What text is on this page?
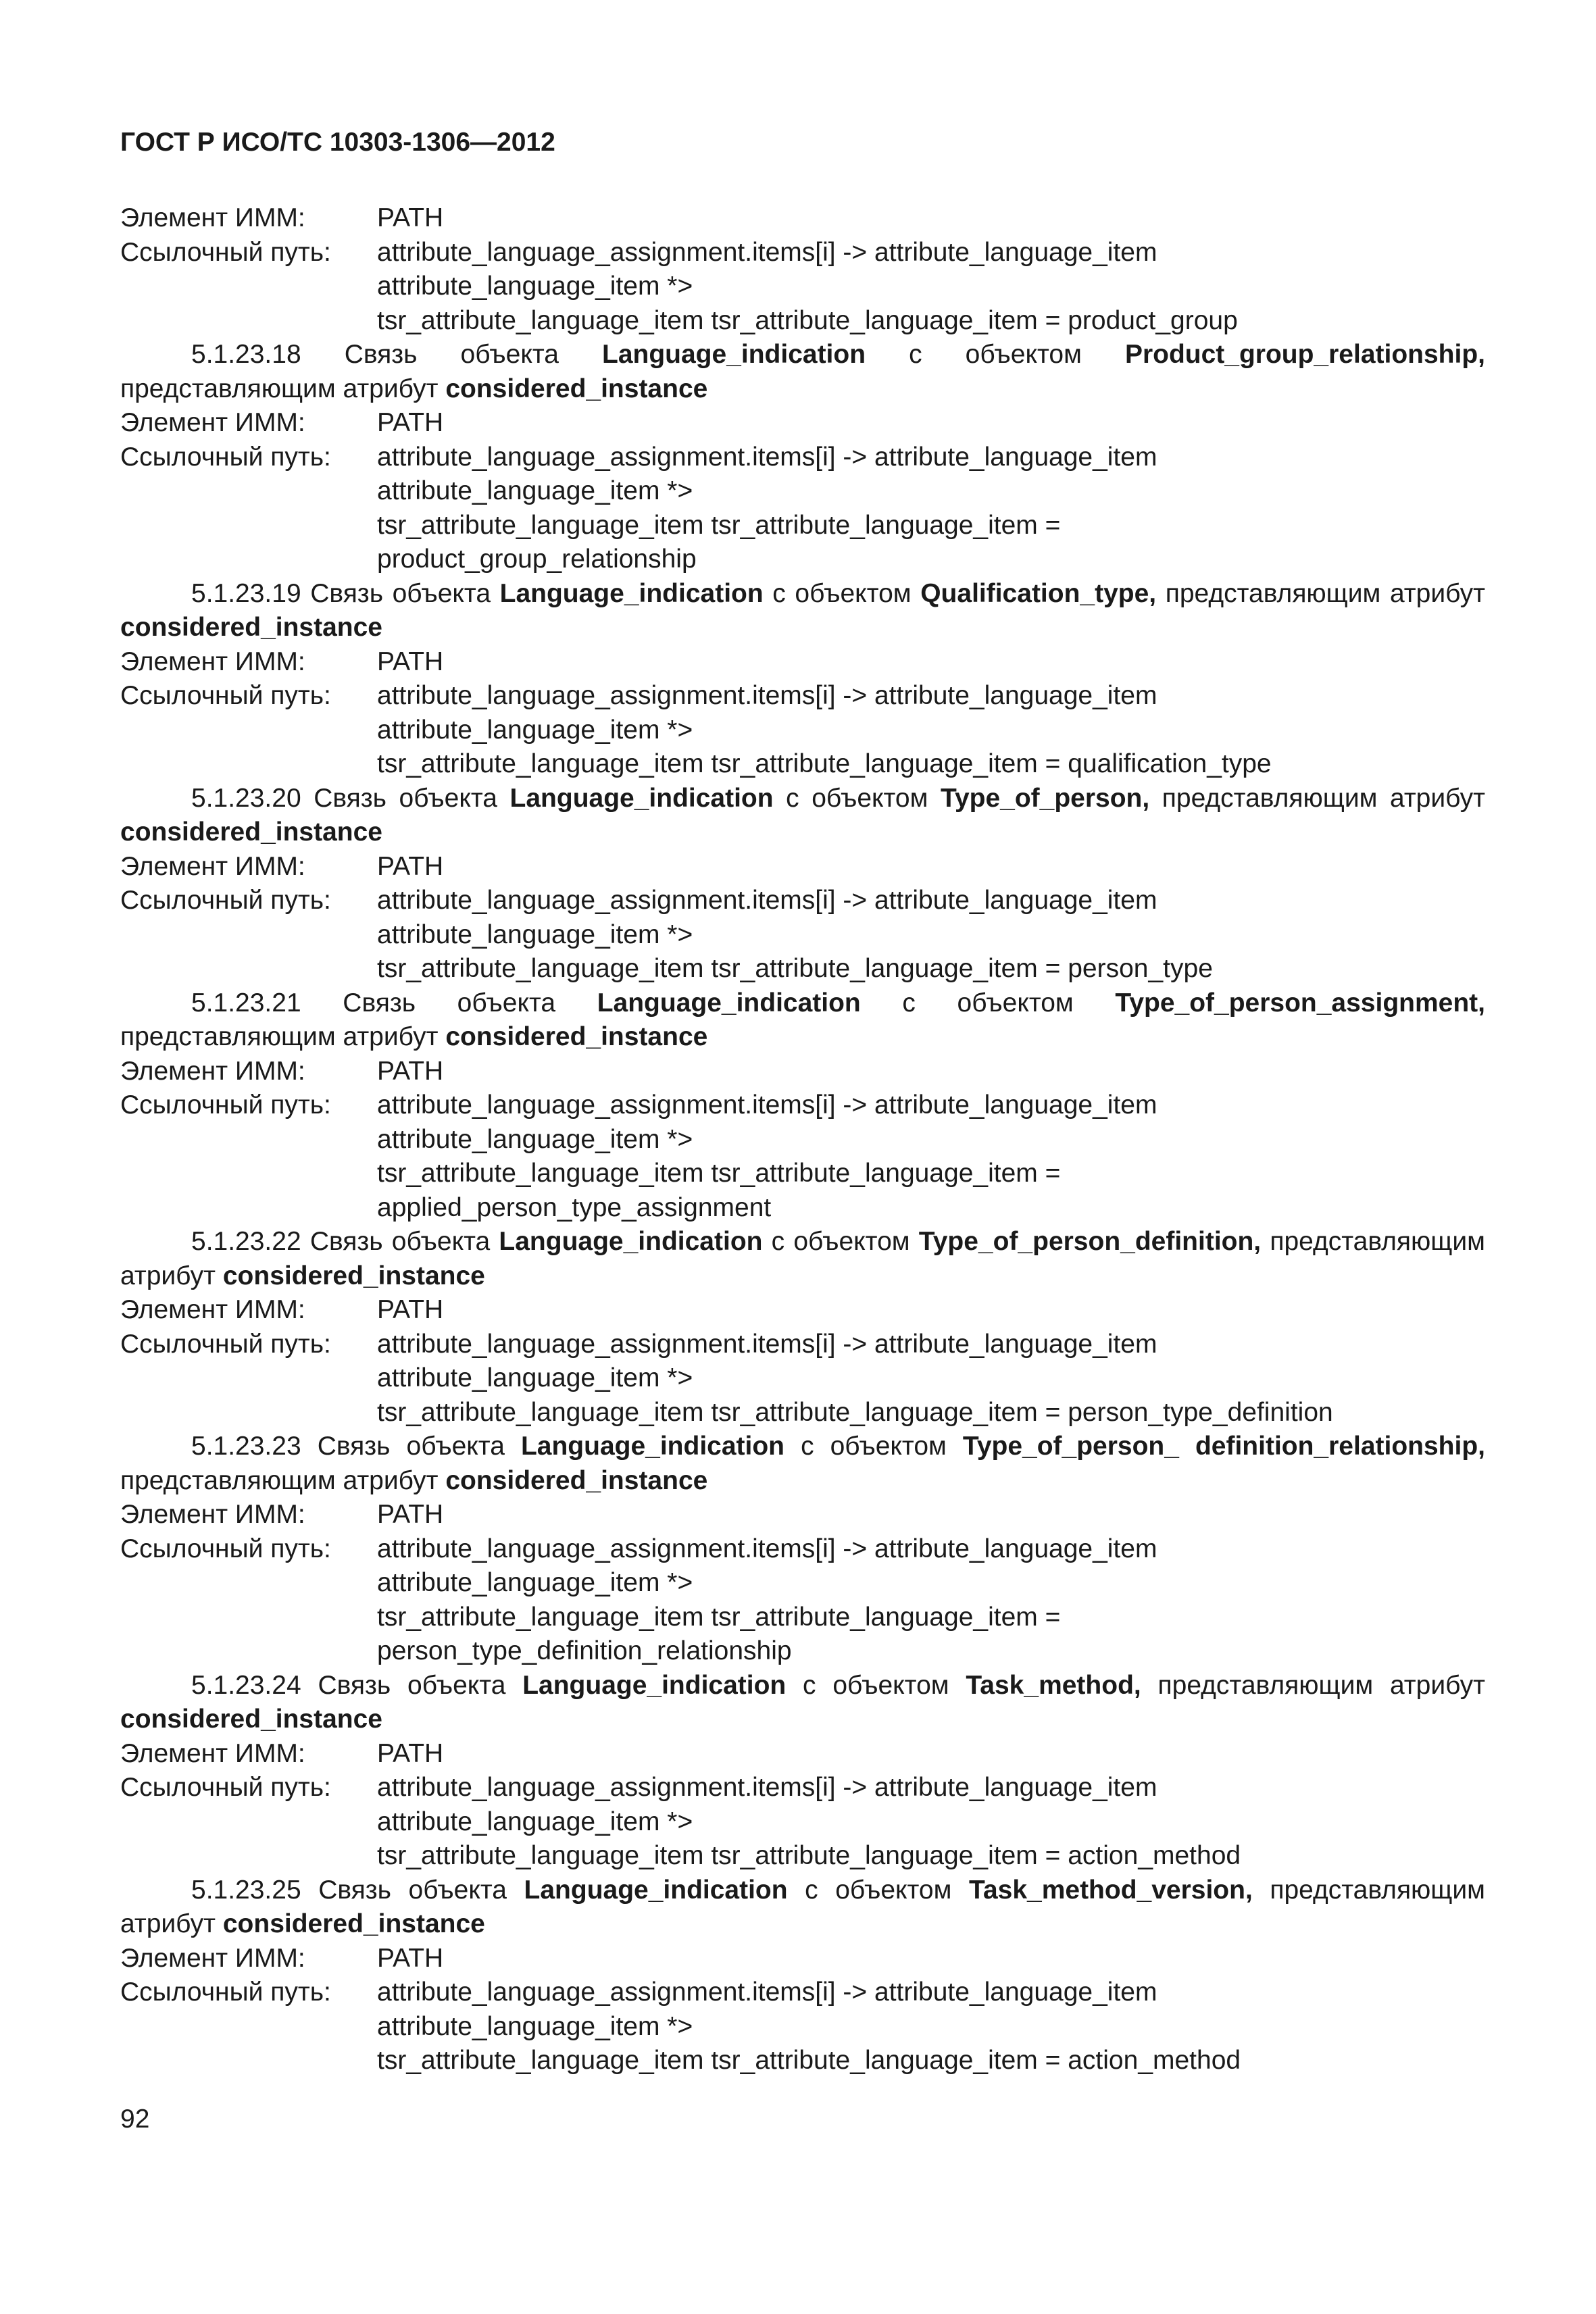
ГОСТ Р ИСО/ТС 10303-1306—2012
Элемент ИММ:	PATH
Ссылочный путь:	attribute_language_assignment.items[i] -> attribute_language_item
attribute_language_item *>
tsr_attribute_language_item tsr_attribute_language_item = product_group
5.1.23.18 Связь объекта Language_indication с объектом Product_group_relationship, представляющим атрибут considered_instance
Элемент ИММ:	PATH
Ссылочный путь:	attribute_language_assignment.items[i] -> attribute_language_item
attribute_language_item *>
tsr_attribute_language_item tsr_attribute_language_item =
product_group_relationship
5.1.23.19 Связь объекта Language_indication с объектом Qualification_type, представляющим атрибут considered_instance
Элемент ИММ:	PATH
Ссылочный путь:	attribute_language_assignment.items[i] -> attribute_language_item
attribute_language_item *>
tsr_attribute_language_item tsr_attribute_language_item = qualification_type
5.1.23.20 Связь объекта Language_indication с объектом Type_of_person, представляющим атрибут considered_instance
Элемент ИММ:	PATH
Ссылочный путь:	attribute_language_assignment.items[i] -> attribute_language_item
attribute_language_item *>
tsr_attribute_language_item tsr_attribute_language_item = person_type
5.1.23.21 Связь объекта Language_indication с объектом Type_of_person_assignment, представляющим атрибут considered_instance
Элемент ИММ:	PATH
Ссылочный путь:	attribute_language_assignment.items[i] -> attribute_language_item
attribute_language_item *>
tsr_attribute_language_item tsr_attribute_language_item =
applied_person_type_assignment
5.1.23.22 Связь объекта Language_indication с объектом Type_of_person_definition, представляющим атрибут considered_instance
Элемент ИММ:	PATH
Ссылочный путь:	attribute_language_assignment.items[i] -> attribute_language_item
attribute_language_item *>
tsr_attribute_language_item tsr_attribute_language_item = person_type_definition
5.1.23.23 Связь объекта Language_indication с объектом Type_of_person_ definition_relationship, представляющим атрибут considered_instance
Элемент ИММ:	PATH
Ссылочный путь:	attribute_language_assignment.items[i] -> attribute_language_item
attribute_language_item *>
tsr_attribute_language_item tsr_attribute_language_item =
person_type_definition_relationship
5.1.23.24 Связь объекта Language_indication с объектом Task_method, представляющим атрибут considered_instance
Элемент ИММ:	PATH
Ссылочный путь:	attribute_language_assignment.items[i] -> attribute_language_item
attribute_language_item *>
tsr_attribute_language_item tsr_attribute_language_item = action_method
5.1.23.25 Связь объекта Language_indication с объектом Task_method_version, представляющим атрибут considered_instance
Элемент ИММ:	PATH
Ссылочный путь:	attribute_language_assignment.items[i] -> attribute_language_item
attribute_language_item *>
tsr_attribute_language_item tsr_attribute_language_item = action_method
92
